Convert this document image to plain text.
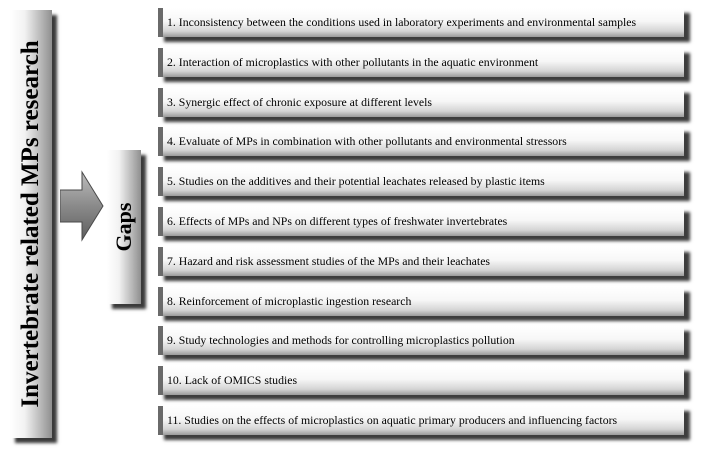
Invertebrate related MPs research	Gaps
1. Inconsistency between the conditions used in laboratory experiments and environmental samples
2. Interaction of microplastics with other pollutants in the aquatic environment
3. Synergic effect of chronic exposure at different levels
4. Evaluate of MPs in combination with other pollutants and environmental stressors
5. Studies on the additives and their potential leachates released by plastic items
6. Effects of MPs and NPs on different types of freshwater invertebrates
7. Hazard and risk assessment studies of the MPs and their leachates
8. Reinforcement of microplastic ingestion research
9. Study technologies and methods for controlling microplastics pollution
10. Lack of OMICS studies
11. Studies on the effects of microplastics on aquatic primary producers and influencing factors
